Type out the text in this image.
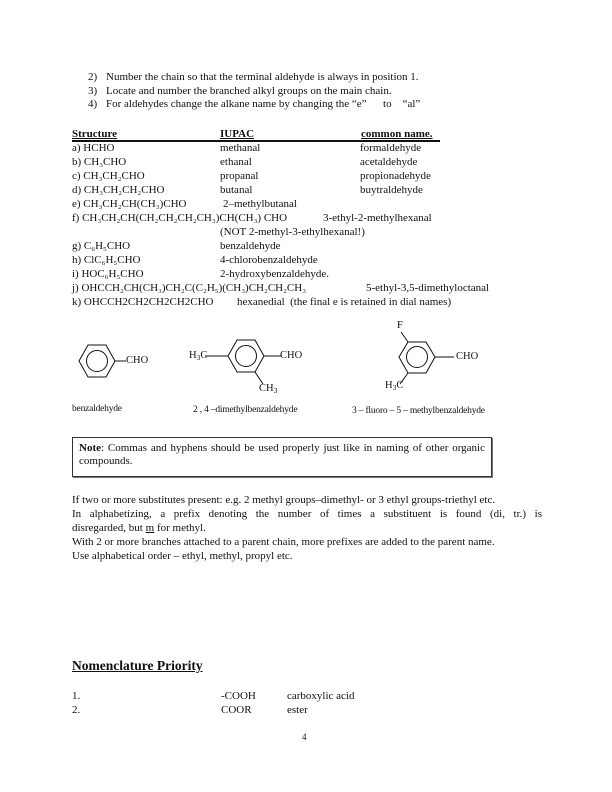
2) Number the chain so that the terminal aldehyde is always in position 1.
3) Locate and number the branched alkyl groups on the main chain.
4) For aldehydes change the alkane name by changing the “e”      to    “al”
Structure	IUPAC	common name.
a) HCHO	methanal	formaldehyde
b) CH₃CHO	ethanal	acetaldehyde
c) CH₃CH₂CHO	propanal	propionadehyde
d) CH₃CH₂CH₂CHO	butanal	buytraldehyde
e) CH₃CH₂CH(CH₃)CHO	2–methylbutanal
f) CH₃CH₂CH(CH₂CH₂CH₂CH₃)CH(CH₃) CHO	3-ethyl-2-methylhexanal
(NOT 2-methyl-3-ethylhexanal!)
g) C₆H₅CHO	benzaldehyde
h) ClC₆H₅CHO	4-chlorobenzaldehyde
i) HOC₆H₅CHO	2-hydroxybenzaldehyde.
j) OHCCH₂CH(CH₃)CH₂C(C₂H₅)(CH₃)CH₂CH₂CH₃	5-ethyl-3,5-dimethyloctanal
k) OHCCH2CH2CH2CH2CHO hexanedial  (the final e is retained in dial names)
CHO
benzaldehyde
$H_3C$	CHO
$CH_3$
2 , 4 –dimethylbenzaldehyde
F
CHO
$H_3C$
3 – fluoro – 5 – methylbenzaldehyde
Note: Commas and hyphens should be used properly just like in naming of other organic compounds.
If two or more substitutes present: e.g. 2 methyl groups–dimethyl- or 3 ethyl groups-triethyl etc.
In alphabetizing, a prefix denoting the number of times a substituent is found (di, tr.) is
disregarded, but m for methyl.
With 2 or more branches attached to a parent chain, more prefixes are added to the parent name.
Use alphabetical order – ethyl, methyl, propyl etc.
Nomenclature Priority
1.	-COOH	carboxylic acid
2.	COOR	ester
4
